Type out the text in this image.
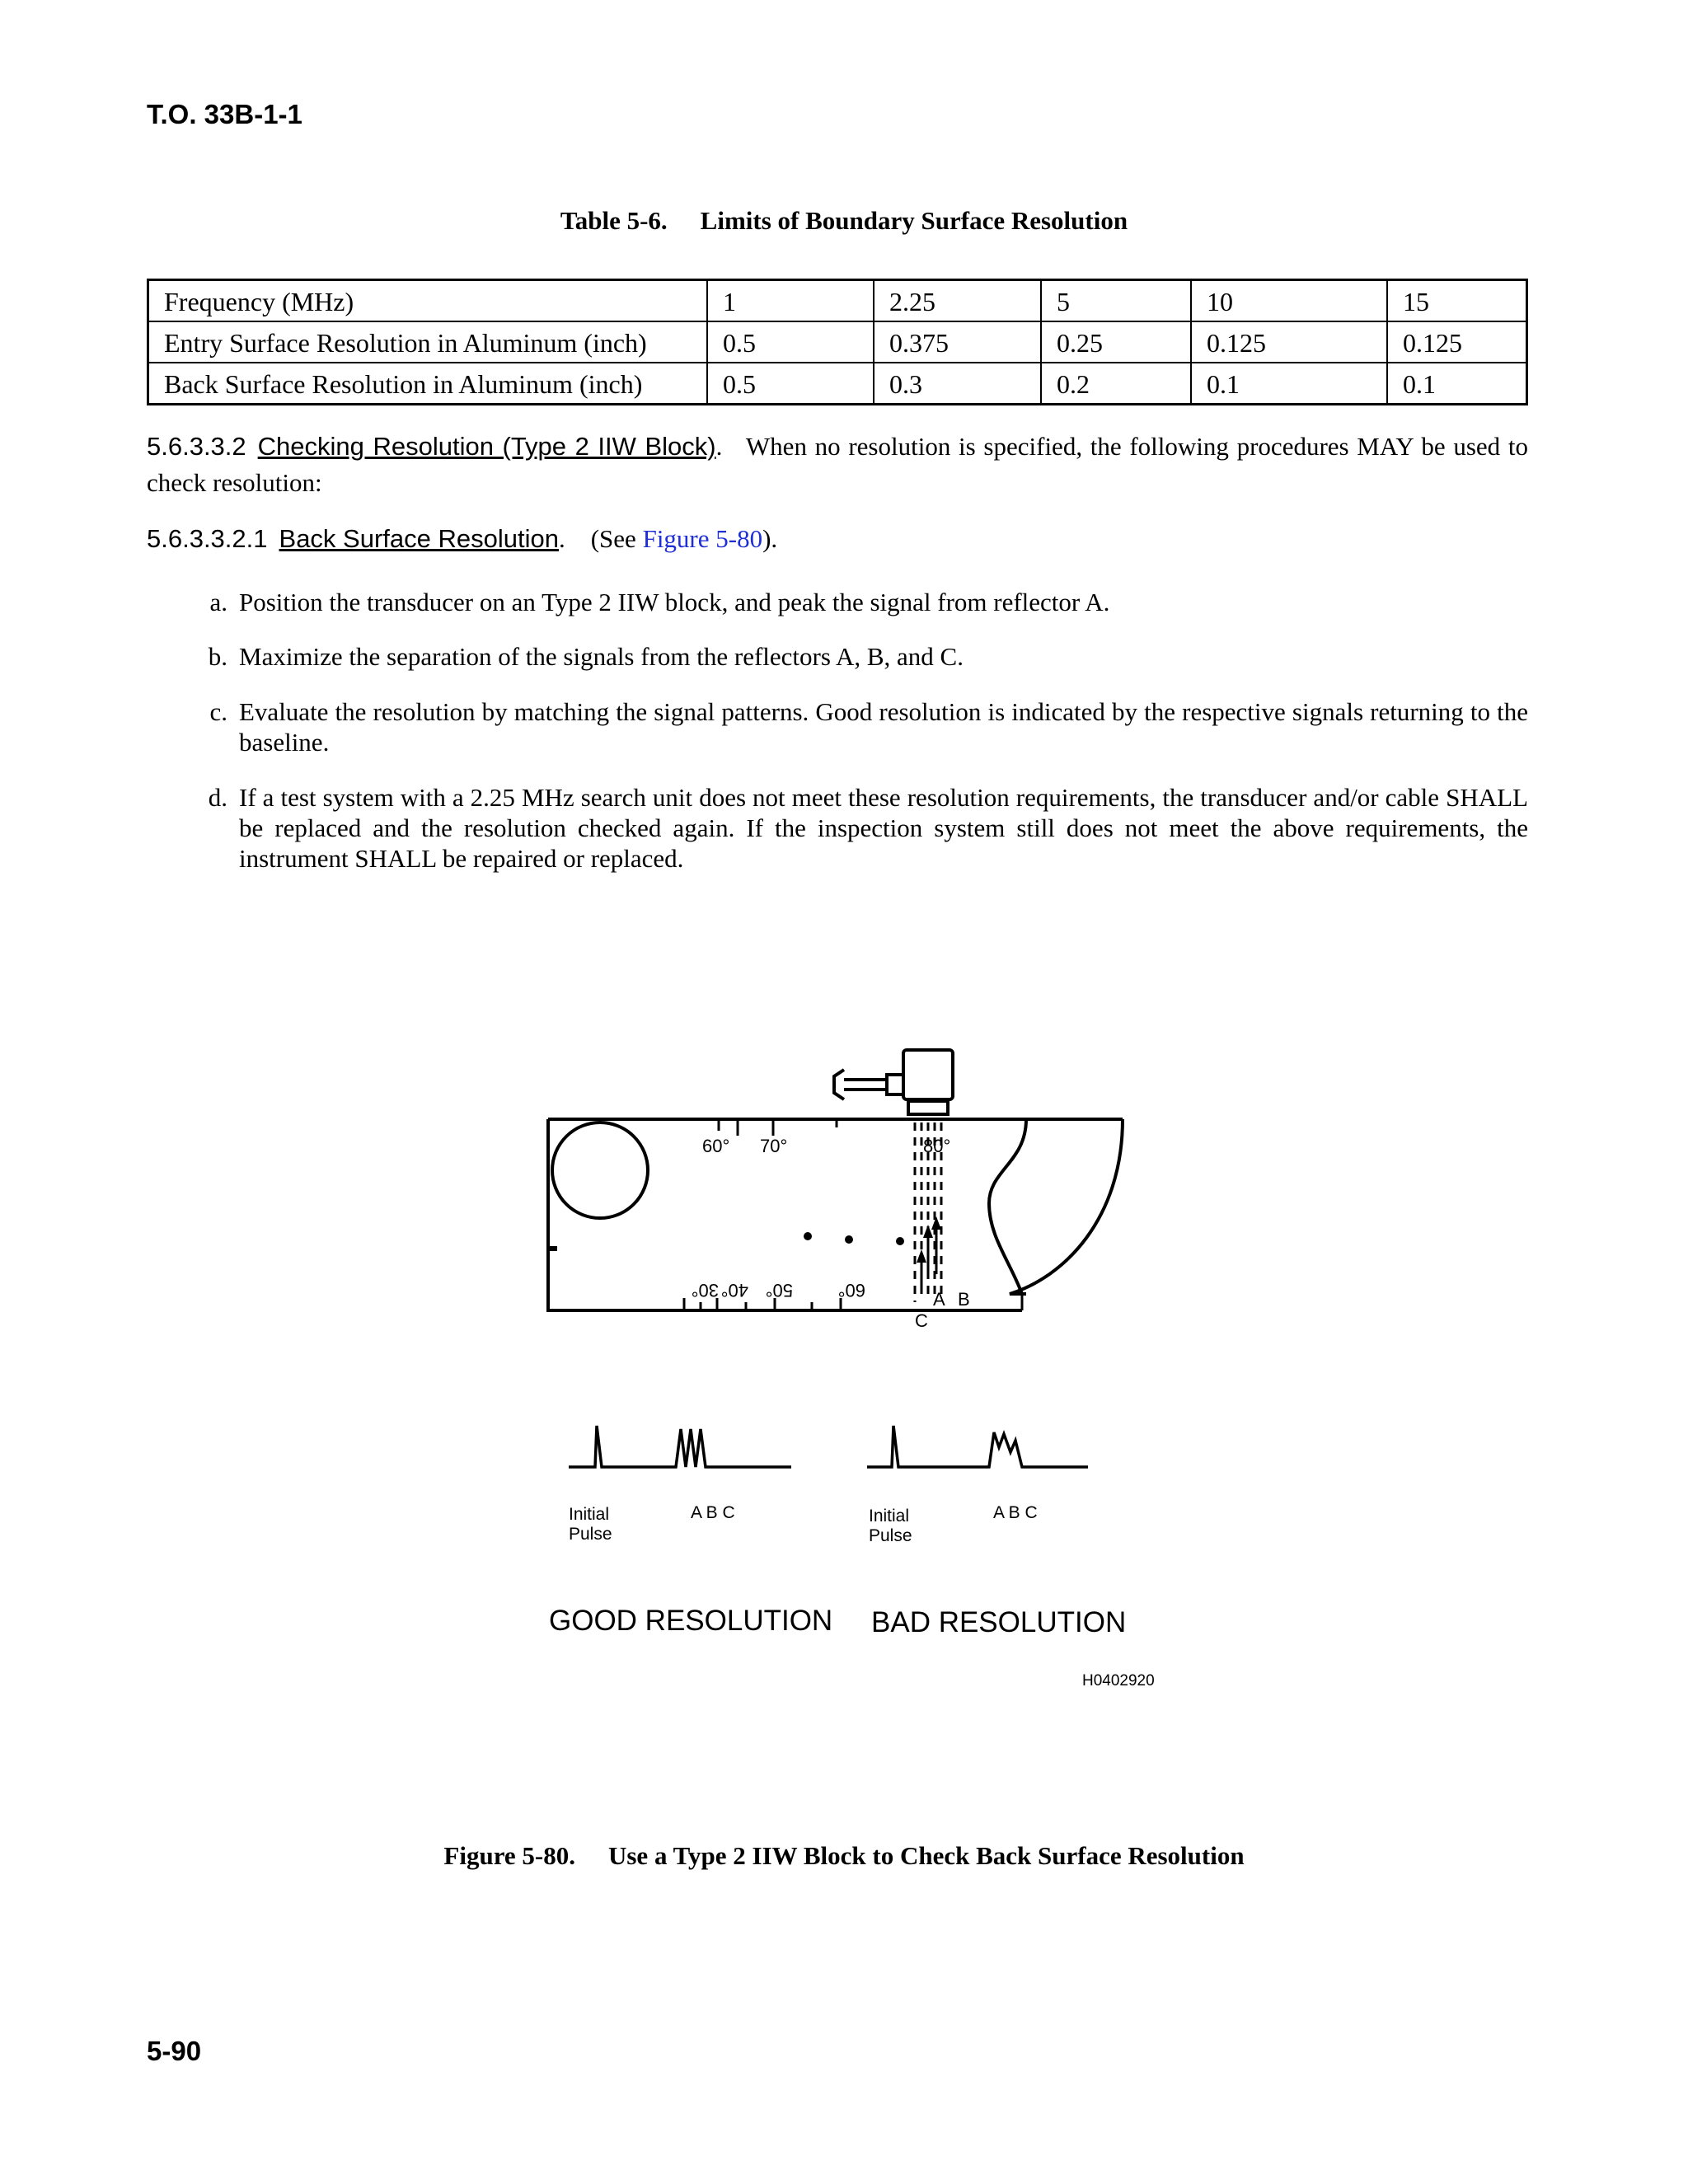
T.O. 33B-1-1
Table 5-6. Limits of Boundary Surface Resolution
Frequency (MHz)	1	2.25	5	10	15
Entry Surface Resolution in Aluminum (inch)	0.5	0.375	0.25	0.125	0.125
Back Surface Resolution in Aluminum (inch)	0.5	0.3	0.2	0.1	0.1
5.6.3.3.2 Checking Resolution (Type 2 IIW Block).   When no resolution is specified, the following procedures MAY be used to check resolution:
5.6.3.3.2.1 Back Surface Resolution.    (See Figure 5-80).
a. Position the transducer on an Type 2 IIW block, and peak the signal from reflector A.
b. Maximize the separation of the signals from the reflectors A, B, and C.
c. Evaluate the resolution by matching the signal patterns. Good resolution is indicated by the respective signals returning to the baseline.
d. If a test system with a 2.25 MHz search unit does not meet these resolution requirements, the transducer and/or cable SHALL be replaced and the resolution checked again. If the inspection system still does not meet the above requirements, the instrument SHALL be repaired or replaced.
60° 70°	80°
30° 40° 50° 60°	A B
C
Initial
Pulse
A B C	Initial
Pulse
A B C
GOOD RESOLUTION BAD RESOLUTION
H0402920
Figure 5-80. Use a Type 2 IIW Block to Check Back Surface Resolution
5-90
